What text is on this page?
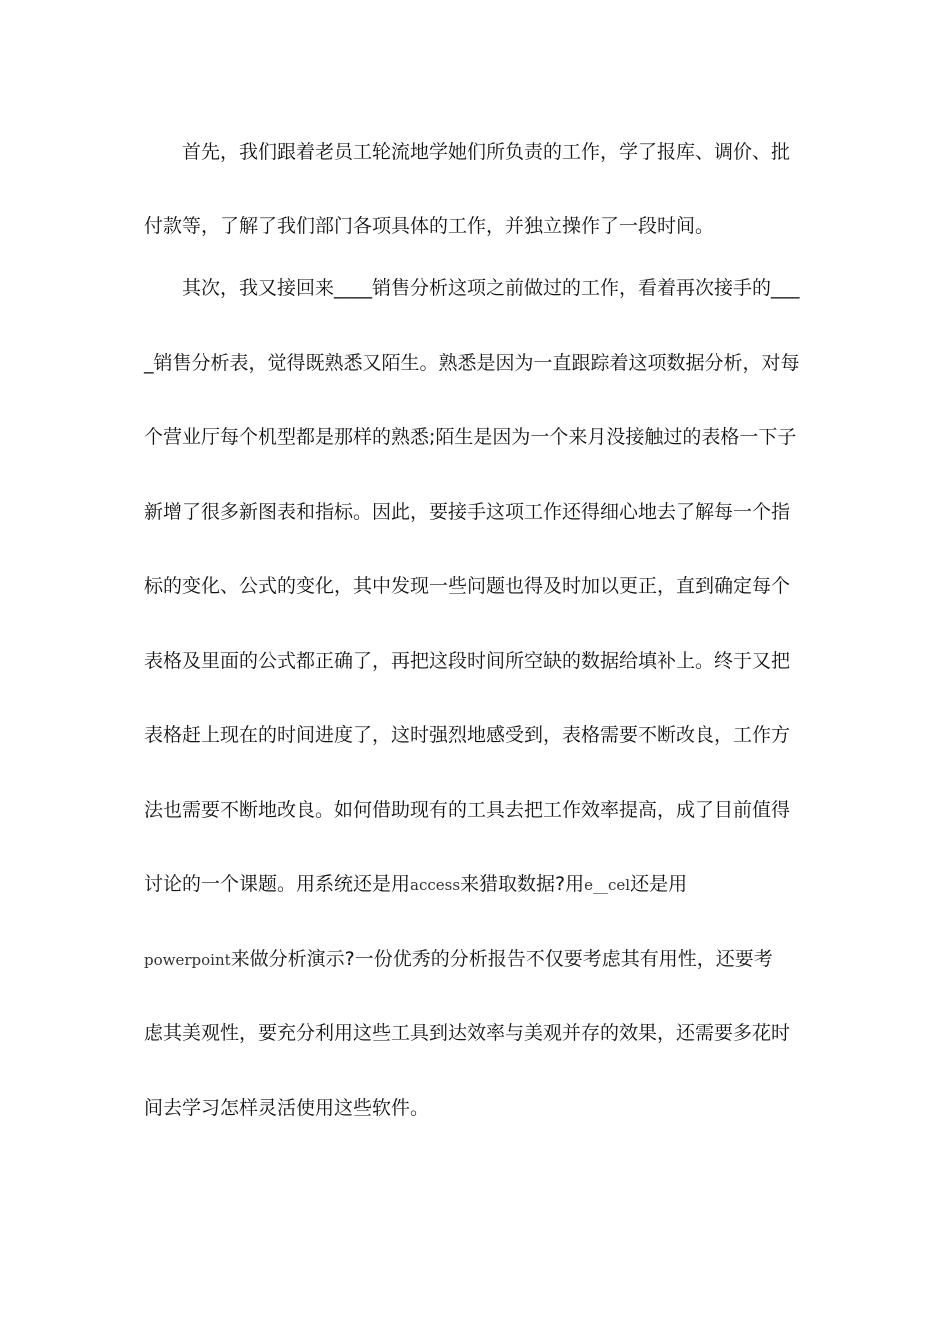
首先，我们跟着老员工轮流地学她们所负责的工作，学了报库、调价、批
付款等，了解了我们部门各项具体的工作，并独立操作了一段时间。
其次，我又接回来____销售分析这项之前做过的工作，看着再次接手的___
_销售分析表，觉得既熟悉又陌生。熟悉是因为一直跟踪着这项数据分析，对每
个营业厅每个机型都是那样的熟悉;陌生是因为一个来月没接触过的表格一下子
新增了很多新图表和指标。因此，要接手这项工作还得细心地去了解每一个指
标的变化、公式的变化，其中发现一些问题也得及时加以更正，直到确定每个
表格及里面的公式都正确了，再把这段时间所空缺的数据给填补上。终于又把
表格赶上现在的时间进度了，这时强烈地感受到，表格需要不断改良，工作方
法也需要不断地改良。如何借助现有的工具去把工作效率提高，成了目前值得
讨论的一个课题。用系统还是用access来猎取数据?用e__cel还是用
powerpoint来做分析演示?一份优秀的分析报告不仅要考虑其有用性，还要考
虑其美观性，要充分利用这些工具到达效率与美观并存的效果，还需要多花时
间去学习怎样灵活使用这些软件。
